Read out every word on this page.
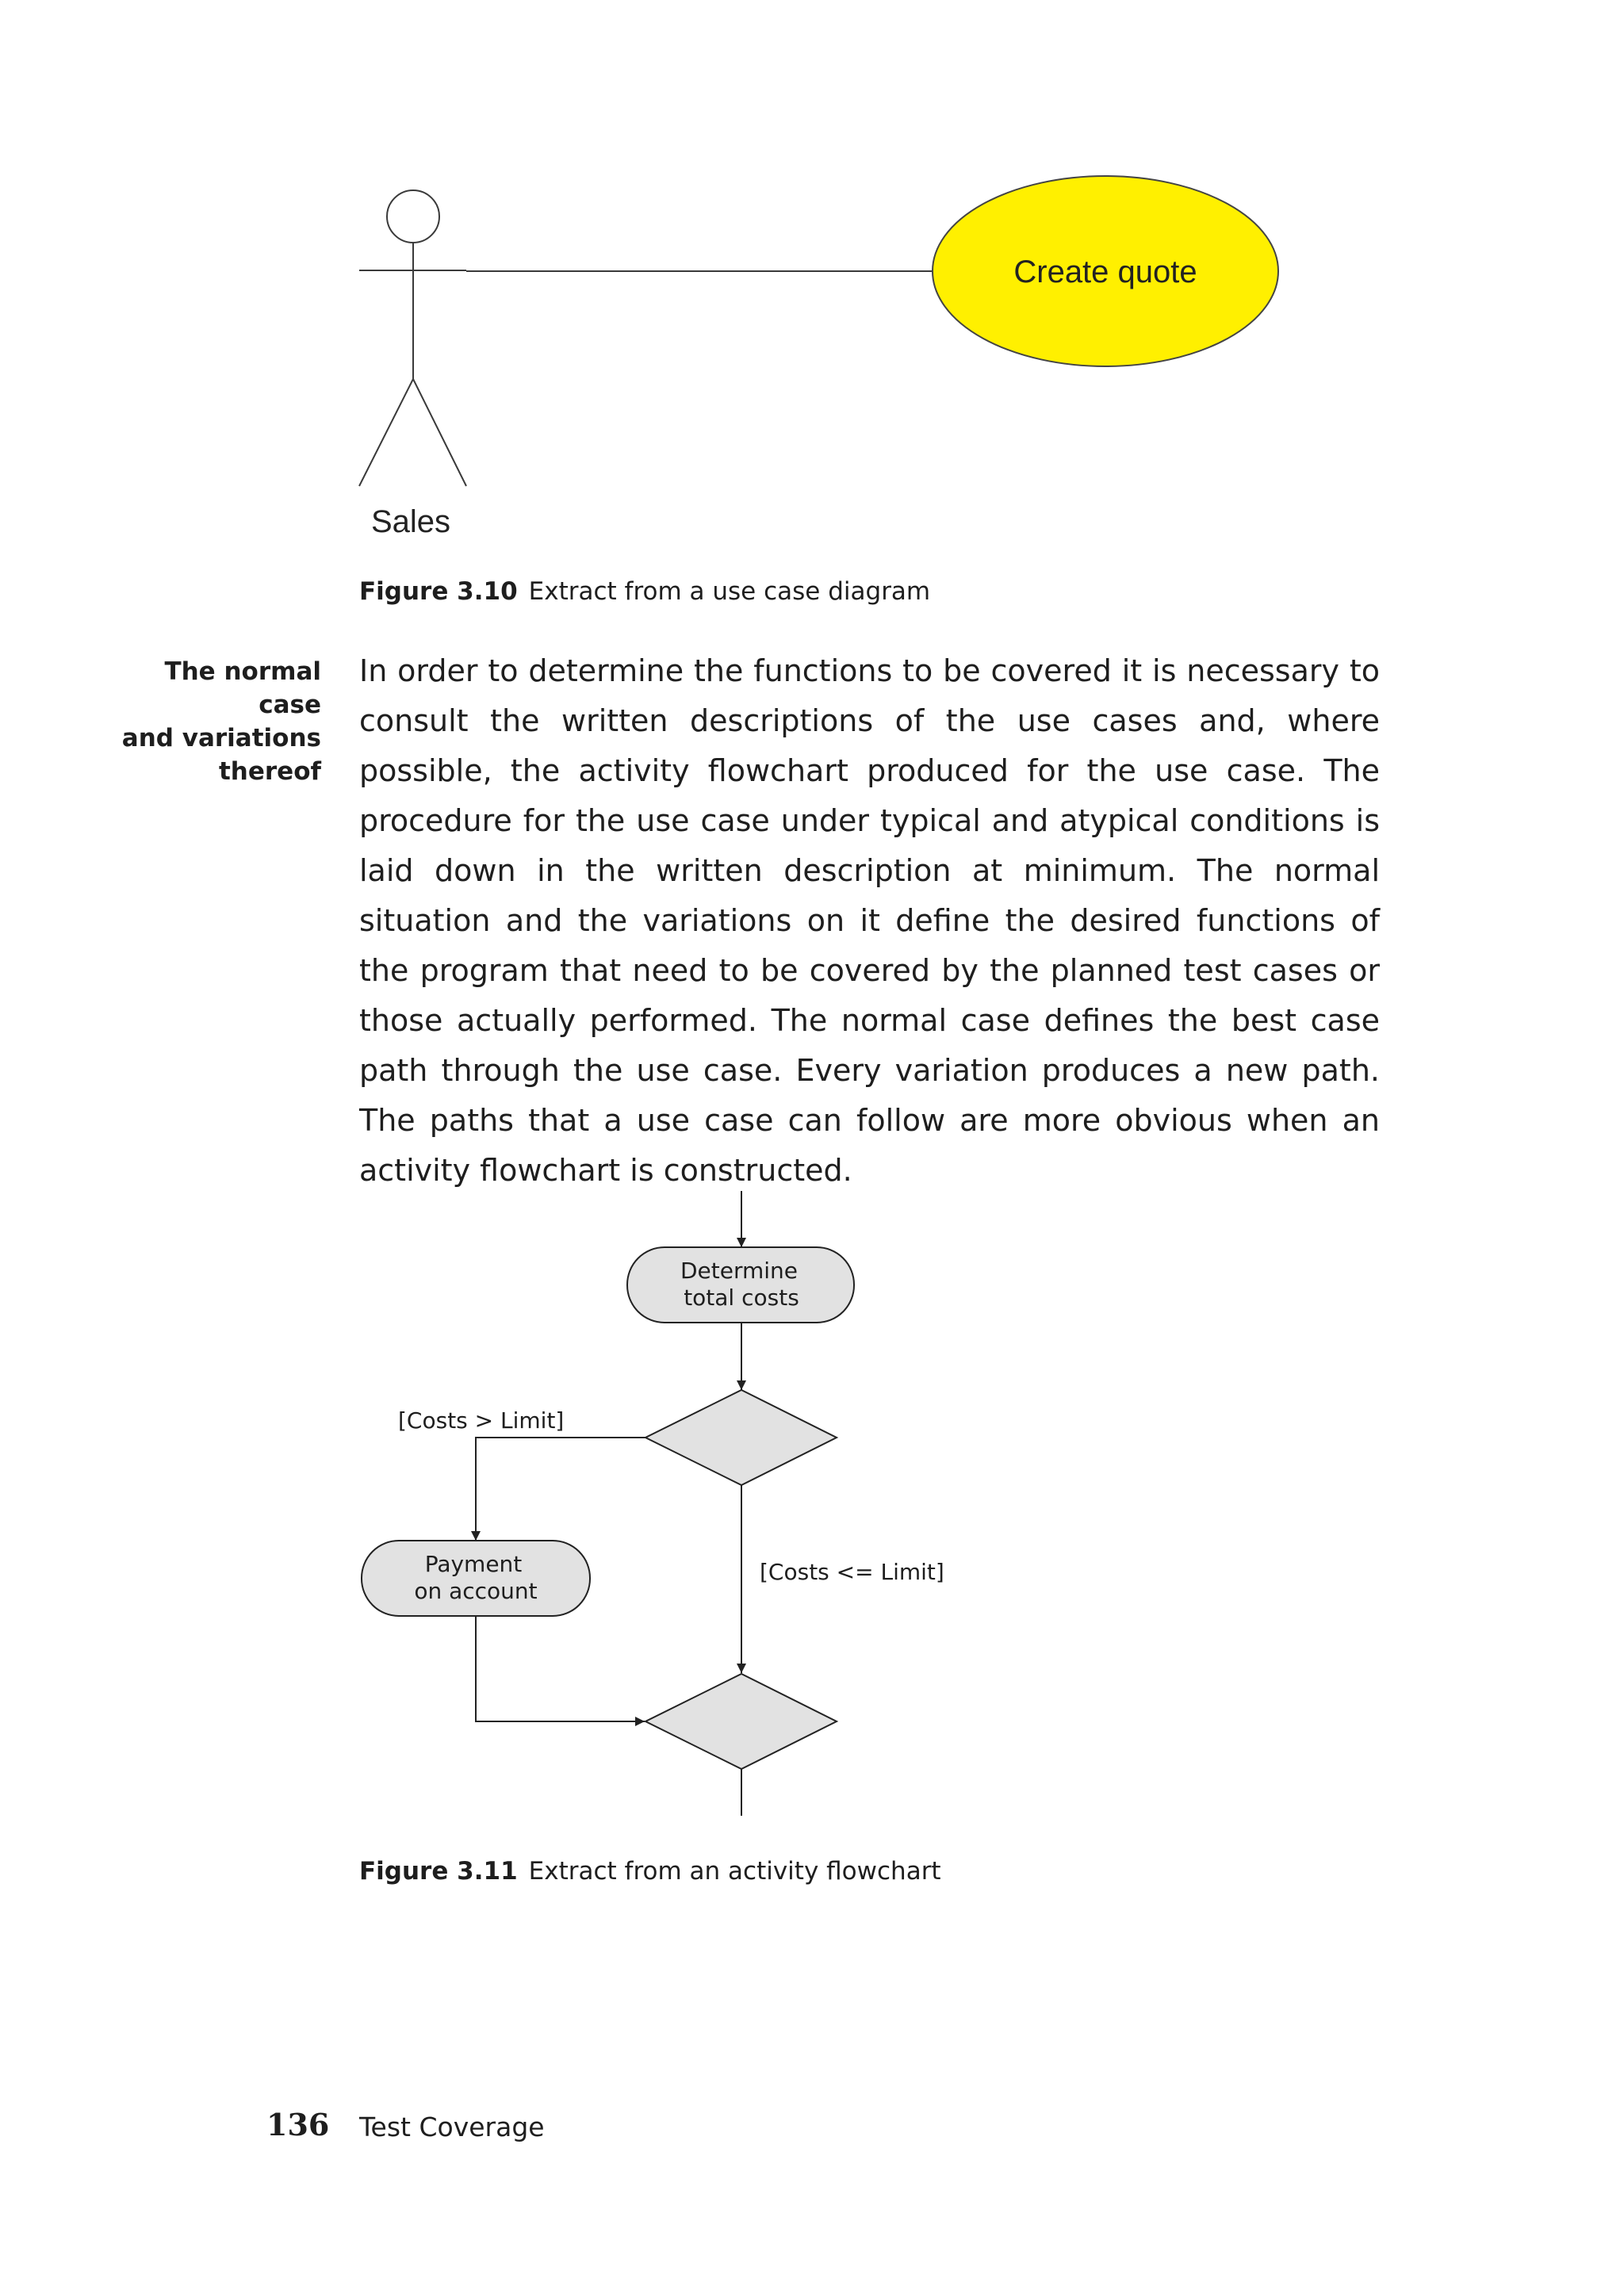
Create quote
Sales
Figure 3.10 Extract from a use case diagram
The normal case
and variations
thereof
In order to determine the functions to be covered it is necessary to consult the written descriptions of the use cases and, where possible, the activity flowchart produced for the use case. The procedure for the use case under typical and atypical conditions is laid down in the written description at minimum. The normal situation and the variations on it define the desired functions of the program that need to be covered by the planned test cases or those actually performed. The normal case defines the best case path through the use case. Every variation produces a new path. The paths that a use case can follow are more obvious when an activity flowchart is constructed.
Determine
total costs
Payment
on account
[Costs > Limit]
[Costs <= Limit]
Figure 3.11 Extract from an activity flowchart
136 Test Coverage
